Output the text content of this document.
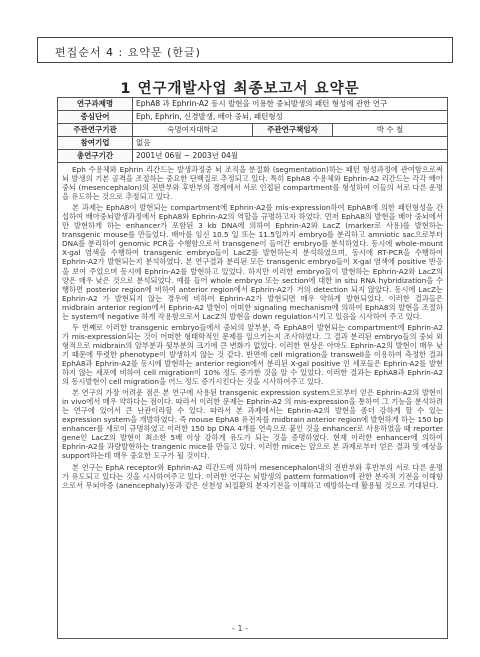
편집순서 4 : 요약문 (한글)
1 연구개발사업 최종보고서 요약문
연구과제명	EphA8 과 Ephrin-A2 동시 발현을 이용한 중뇌발생의 패턴 형성에 관한 연구		
중심단어	Eph, Ephrin, 신경발생, 배아 중뇌, 패턴형성		
주관연구기관	숙명여자대학교	주관연구책임자	박 수 철
참여기업	없음		
총연구기간	2001년 06월 ~ 2003년 04월		

Eph 수용체와 Ephrin 리간드는 발생과정중 뇌 조직을 분절화 (segmentation)하는 패턴 형성과정에 관여함으로써 뇌 발생의 기본 골격을 조절하는 중요한 단백질로 추정되고 있다. 특히 EphA8 수용체와 Ephrin-A2 리간드는 각각 배아 중뇌 (mesencephalon)의 전반부와 후반부의 경계에서 서로 인접된 compartment를 형성하여 이들의 서로 다른 운명을 유도하는 것으로 추정되고 있다.

본 과제는 EphA8이 발현되는 compartment에 Ephrin-A2를 mis-expression하여 EphA8에 의한 패턴형성을 간섭하여 배아중뇌발생과정에서 EphA8와 Ephrin-A2의 역할을 규명하고자 하였다. 먼저 EphA8의 발현을 배아 중뇌에서만 발현하게 하는 enhancer가 포함된 3 kb DNA에 의하여 Ephrin-A2와 LacZ (marker로 사용)를 발현하는 transgenic mouse를 만들었다. 배아를 임신 10.5 일 또는 11.5일까지 embryo를 분리하고 amniotic sac으로부터 DNA를 분리하여 genomic PCR을 수행함으로서 transgene이 들어간 embryo를 분석하였다. 동시에 whole-mount X-gal 염색을 수행하여 transgenic embryo들이 LacZ를 발현하는지 분석하였으며, 동시에 RT-PCR을 수행하여 Ephrin-A2가 발현되는지 분석하였다. 본 연구결과 분리된 모든 transgenic embryo들이 X-gal 염색에 positive 반응을 보여 주었으며 동시에 Ephrin-A2를 발현하고 있었다. 하지만 이러한 embryo들이 발현하는 Ephrin-A2와 LacZ의 양은 매우 낮은 것으로 분석되었다. 예를 들어 whole embryo 또는 section에 대한 in situ RNA hybridization을 수행하면 posterior region에 비하여 anterior region에서 Ephrin-A2가 거의 detection 되지 않았다. 동시에 LacZ는 Ephrin-A2 가 발현되지 않는 경우에 비하여 Ephrin-A2가 발현되면 매우 약하게 발현되었다. 이러한 결과들은 midbrain anterior region에서 Ephrin-A2 발현이 어떠한 signaling mechanism에 의하여 EphA8의 발현을 조절하는 system에 negative 하게 작용함으로서 LacZ의 발현을 down regulation시키고 있음을 시사하여 주고 있다.

두 번째로 이러한 transgenic embryo들에서 중뇌의 앞부분, 즉 EphA8이 발현되는 compartment에 Ephrin-A2가 mis-expression되는 것이 어떠한 형태학적인 문제를 일으키는지 조사하였다. 그 결과 분리된 embryo들의 중뇌 외형적으로 midbrain의 앞부분과 뒷부분의 크기에 큰 변화가 없었다. 이러한 현상은 아마도 Ephrin-A2의 발현이 매우 낮기 때문에 뚜렷한 phenotype이 발생하지 않는 것 같다. 반면에 cell migration을 transwell을 이용하여 측정한 결과 EphA8과 Ephrin-A2를 동시에 발현하는 anterior region에서 분리된 X-gal positive 인 세포들은 Ephrin-A2를 발현하지 않는 세포에 비하여 cell migration이 10% 정도 증가한 것을 알 수 있었다. 이러한 결과는 EphA8과 Ephrin-A2의 동시발현이 cell migration을 어느 정도 증가시킨다는 것을 시사하여주고 있다.

본 연구의 가장 어려운 점은 본 연구에 사용된 transgenic expression system으로부터 얻은 Ephrin-A2의 발현이 in vivo에서 매우 약하다는 점이다. 따라서 이러한 문제는 Ephrin-A2 의 mis-expression을 통하여 그 기능을 분석하려는 연구에 있어서 큰 난관이라할 수 있다. 따라서 본 과제에서는 Ephrin-A2의 발현을 좀더 강하게 할 수 있는 expression system을 개발하였다. 즉 mouse EphA8 유전자를 midbrain anterior region에 발현하게 하는 150 bp enhancer를 새로이 규명하였고 이러한 150 bp DNA 4개를 연속으로 붙인 것을 enhancer로 사용하였을 때 reporter gene인 LacZ의 발현이 최소한 5배 이상 강하게 유도가 되는 것을 증명하였다. 현재 이러한 enhancer에 의하여 Ephrin-A2를 과량발현하는 trangenic mice를 만들고 있다. 이러한 mice는 앞으로 본 과제로부터 얻은 결과 및 예상을 support하는데 매우 중요한 도구가 될 것이다.

본 연구는 EphA receptor와 Ephrin-A2 리간드에 의하여 mesencephalon내의 전반부와 후반부의 서로 다른 운명가 유도되고 있다는 것을 시사하여주고 있다. 이러한 연구는 뇌발생의 pattern formation에 관한 분자적 기전을 이해함으로서 무뇌아증 (anencephaly)등과 같은 선천성 뇌질환의 분자기전을 이해하고 예방하는데 활용될 것으로 기대된다.			

- 1 -
